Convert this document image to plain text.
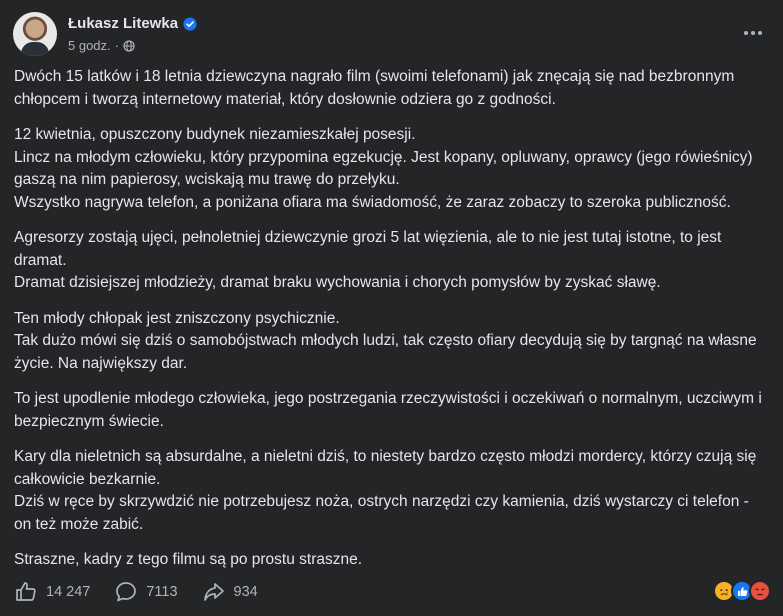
Łukasz Litewka
5 godz. ·

Dwóch 15 latków i 18 letnia dziewczyna nagrało film (swoimi telefonami) jak znęcają się nad bezbronnym chłopcem i tworzą internetowy materiał, który dosłownie odziera go z godności.

12 kwietnia, opuszczony budynek niezamieszkałej posesji.
Lincz na młodym człowieku, który przypomina egzekucję. Jest kopany, opluwany, oprawcy (jego rówieśnicy) gaszą na nim papierosy, wciskają mu trawę do przełyku.
Wszystko nagrywa telefon, a poniżana ofiara ma świadomość, że zaraz zobaczy to szeroka publiczność.

Agresorzy zostają ujęci, pełnoletniej dziewczynie grozi 5 lat więzienia, ale to nie jest tutaj istotne, to jest dramat.
Dramat dzisiejszej młodzieży, dramat braku wychowania i chorych pomysłów by zyskać sławę.

Ten młody chłopak jest zniszczony psychicznie.
Tak dużo mówi się dziś o samobójstwach młodych ludzi, tak często ofiary decydują się by targnąć na własne życie. Na największy dar.

To jest upodlenie młodego człowieka, jego postrzegania rzeczywistości i oczekiwań o normalnym, uczciwym i bezpiecznym świecie.

Kary dla nieletnich są absurdalne, a nieletni dziś, to niestety bardzo często młodzi mordercy, którzy czują się całkowicie bezkarnie.
Dziś w ręce by skrzywdzić nie potrzebujesz noża, ostrych narzędzi czy kamienia, dziś wystarczy ci telefon - on też może zabić.

Straszne, kadry z tego filmu są po prostu straszne.

14 247	7113	934
